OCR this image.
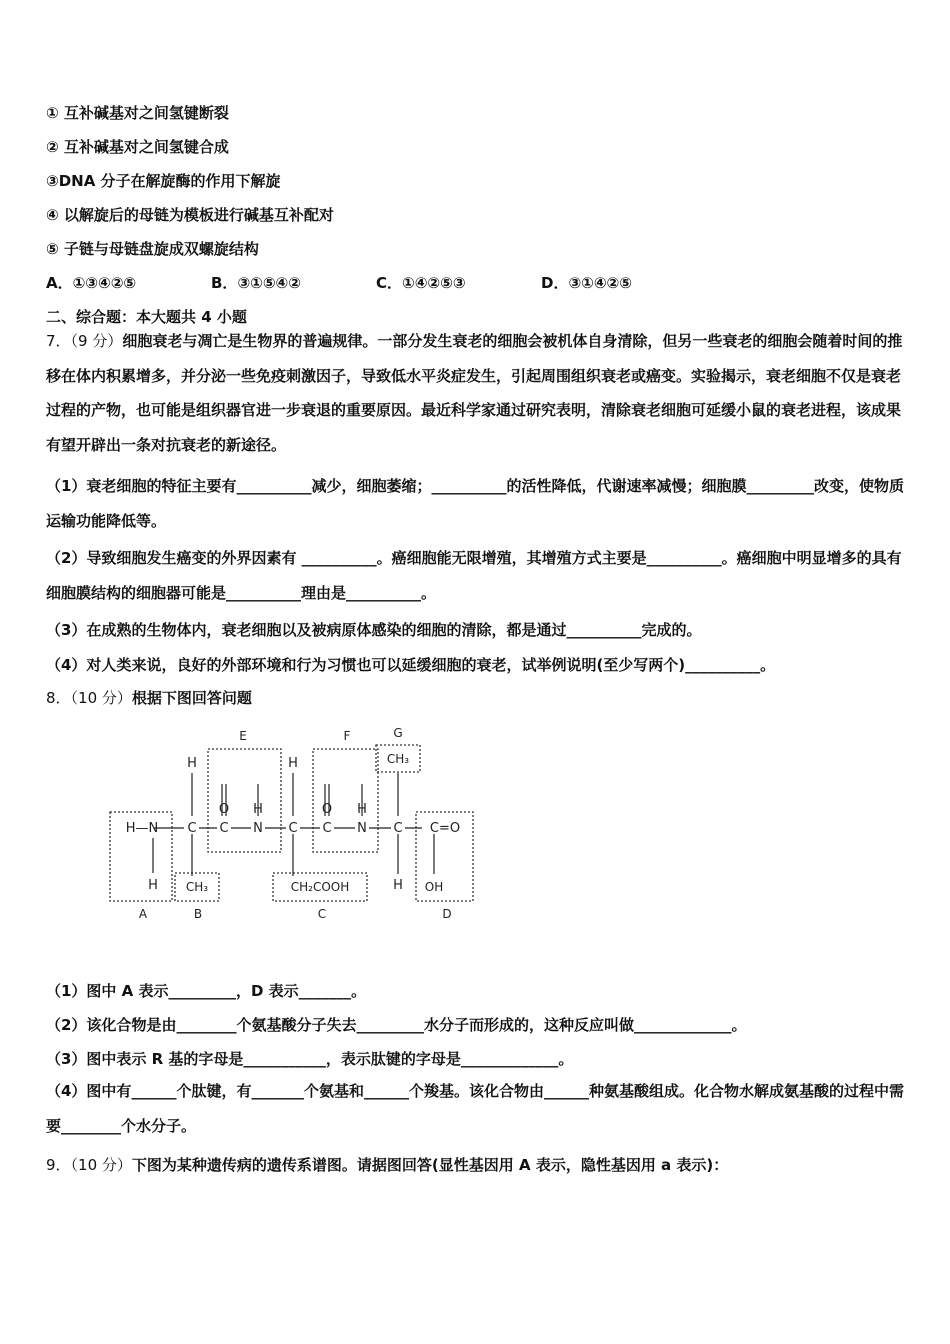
① 互补碱基对之间氢键断裂
② 互补碱基对之间氢键合成
③DNA 分子在解旋酶的作用下解旋
④ 以解旋后的母链为模板进行碱基互补配对
⑤ 子链与母链盘旋成双螺旋结构
A．①③④②⑤	B．③①⑤④②	C．①④②⑤③	D．③①④②⑤
二、综合题：本大题共 4 小题
7．（9 分）细胞衰老与凋亡是生物界的普遍规律。一部分发生衰老的细胞会被机体自身清除，但另一些衰老的细胞会随着时间的推移在体内积累增多，并分泌一些免疫刺激因子，导致低水平炎症发生，引起周围组织衰老或癌变。实验揭示，衰老细胞不仅是衰老过程的产物，也可能是组织器官进一步衰退的重要原因。最近科学家通过研究表明，清除衰老细胞可延缓小鼠的衰老进程，该成果有望开辟出一条对抗衰老的新途径。
（1）衰老细胞的特征主要有__________减少，细胞萎缩；__________的活性降低，代谢速率减慢；细胞膜_________改变，使物质运输功能降低等。
（2）导致细胞发生癌变的外界因素有 __________。癌细胞能无限增殖，其增殖方式主要是__________。癌细胞中明显增多的具有细胞膜结构的细胞器可能是__________理由是__________。
（3）在成熟的生物体内，衰老细胞以及被病原体感染的细胞的清除，都是通过__________完成的。
（4）对人类来说，良好的外部环境和行为习惯也可以延缓细胞的衰老，试举例说明(至少写两个)__________。
8．（10 分）根据下图回答问题
E	F	G
A	B	C	D
H—N
H
C
H
O
C N
H
C
H
O
C N
H
C
H
CH₃	CH₂COOH
CH₃
C=O
OH
（1）图中 A 表示_________，D 表示_______。
（2）该化合物是由________个氨基酸分子失去_________水分子而形成的，这种反应叫做_____________。
（3）图中表示 R 基的字母是___________，表示肽键的字母是_____________。
（4）图中有______个肽键，有_______个氨基和______个羧基。该化合物由______种氨基酸组成。化合物水解成氨基酸的过程中需要________个水分子。
9．（10 分）下图为某种遗传病的遗传系谱图。请据图回答(显性基因用 A 表示，隐性基因用 a 表示)：
